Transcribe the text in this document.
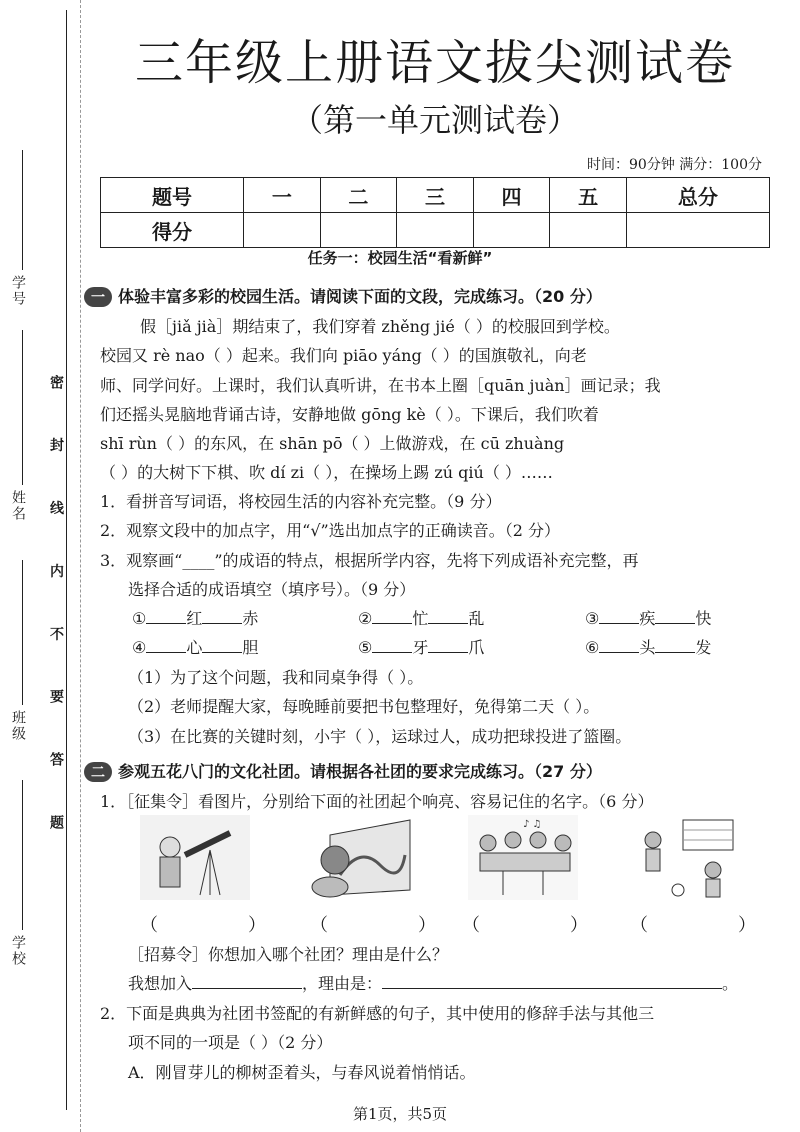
学校
班级
姓名
学号
密 封 线 内 不 要 答 题
三年级上册语文拔尖测试卷
（第一单元测试卷）
时间：90分钟 满分：100分
题号	一	二	三	四	五	总分
得分						
任务一：校园生活“看新鲜”
一 体验丰富多彩的校园生活。请阅读下面的文段，完成练习。（20 分）
假［jiǎ jià］期结束了，我们穿着 zhěng jié（ ）的校服回到学校。
校园又 rè nao（ ）起来。我们向 piāo yáng（ ）的国旗敬礼，向老
师、同学问好。上课时，我们认真听讲，在书本上圈［quān juàn］画记录；我
们还摇头晃脑地背诵古诗，安静地做 gōng kè（ ）。下课后，我们吹着
shī rùn（ ）的东风，在 shān pō（ ）上做游戏，在 cū zhuàng
（ ）的大树下下棋、吹 dí zi（ ），在操场上踢 zú qiú（ ）……
1．看拼音写词语，将校园生活的内容补充完整。（9 分）
2．观察文段中的加点字，用“√”选出加点字的正确读音。（2 分）
3．观察画“____”的成语的特点，根据所学内容，先将下列成语补充完整，再
选择合适的成语填空（填序号）。（9 分）
①	红	赤	②	忙	乱	③	疾	快
④	心	胆	⑤	牙	爪	⑥	头	发
（1）为了这个问题，我和同桌争得（ ）。
（2）老师提醒大家，每晚睡前要把书包整理好，免得第二天（ ）。
（3）在比赛的关键时刻，小宇（ ），运球过人，成功把球投进了篮圈。
二 参观五花八门的文化社团。请根据各社团的要求完成练习。（27 分）
1．［征集令］看图片，分别给下面的社团起个响亮、容易记住的名字。（6 分）
♪ ♫
（     ） （     ） （     ） （     ）
［招募令］你想加入哪个社团？理由是什么？
我想加入	，理由是：	。
2．下面是典典为社团书签配的有新鲜感的句子，其中使用的修辞手法与其他三
项不同的一项是（ ）（2 分）
A．刚冒芽儿的柳树歪着头，与春风说着悄悄话。
第1页，共5页
